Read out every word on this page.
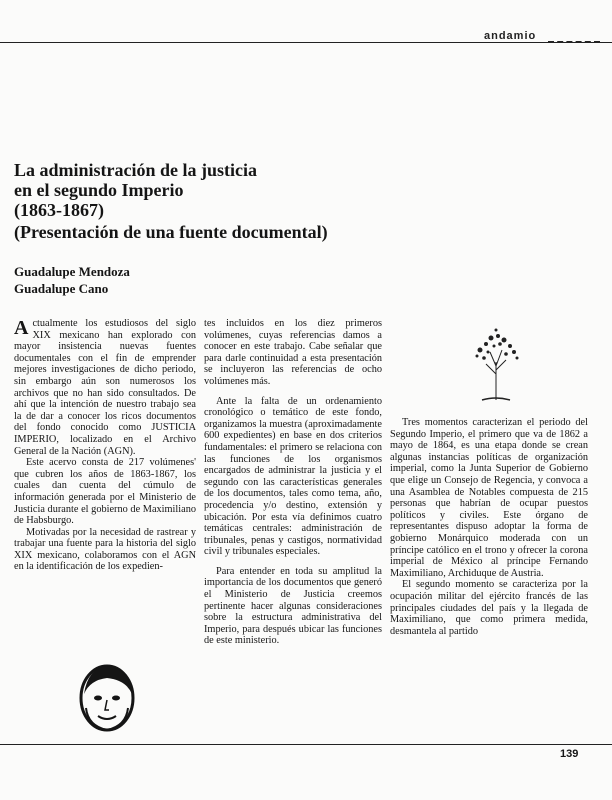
andamio

La administración de la justicia

en el segundo Imperio

(1863-1867)

(Presentación de una fuente documental)

Guadalupe Mendoza
Guadalupe Cano

Actualmente los estudiosos del siglo XIX mexicano han explorado con mayor insistencia nuevas fuentes documentales con el fin de emprender mejores investigaciones de dicho periodo, sin embargo aún son numerosos los archivos que no han sido consultados. De ahí que la intención de nuestro trabajo sea la de dar a conocer los ricos documentos del fondo conocido como JUSTICIA IMPERIO, localizado en el Archivo General de la Nación (AGN).

Este acervo consta de 217 volúmenes' que cubren los años de 1863-1867, los cuales dan cuenta del cúmulo de información generada por el Ministerio de Justicia durante el gobierno de Maximiliano de Habsburgo.

Motivadas por la necesidad de rastrear y trabajar una fuente para la historia del siglo XIX mexicano, colaboramos con el AGN en la identificación de los expedien-

tes incluidos en los diez primeros volúmenes, cuyas referencias damos a conocer en este trabajo. Cabe señalar que para darle continuidad a esta presentación se incluyeron las referencias de ocho volúmenes más.

Ante la falta de un ordenamiento cronológico o temático de este fondo, organizamos la muestra (aproximadamente 600 expedientes) en base en dos criterios fundamentales: el primero se relaciona con las funciones de los organismos encargados de administrar la justicia y el segundo con las características generales de los documentos, tales como tema, año, procedencia y/o destino, extensión y ubicación. Por esta vía definimos cuatro temáticas centrales: administración de tribunales, penas y castigos, normatividad civil y tribunales especiales.

Para entender en toda su amplitud la importancia de los documentos que generó el Ministerio de Justicia creemos pertinente hacer algunas consideraciones sobre la estructura administrativa del Imperio, para después ubicar las funciones de este ministerio.

Tres momentos caracterizan el periodo del Segundo Imperio, el primero que va de 1862 a mayo de 1864, es una etapa donde se crean algunas instancias políticas de organización imperial, como la Junta Superior de Gobierno que elige un Consejo de Regencia, y convoca a una Asamblea de Notables compuesta de 215 personas que habrían de ocupar puestos políticos y civiles. Este órgano de representantes dispuso adoptar la forma de gobierno Monárquico moderada con un príncipe católico en el trono y ofrecer la corona imperial de México al príncipe Fernando Maximiliano, Archiduque de Austria.

El segundo momento se caracteriza por la ocupación militar del ejército francés de las principales ciudades del país y la llegada de Maximiliano, que como primera medida, desmantela al partido

139
